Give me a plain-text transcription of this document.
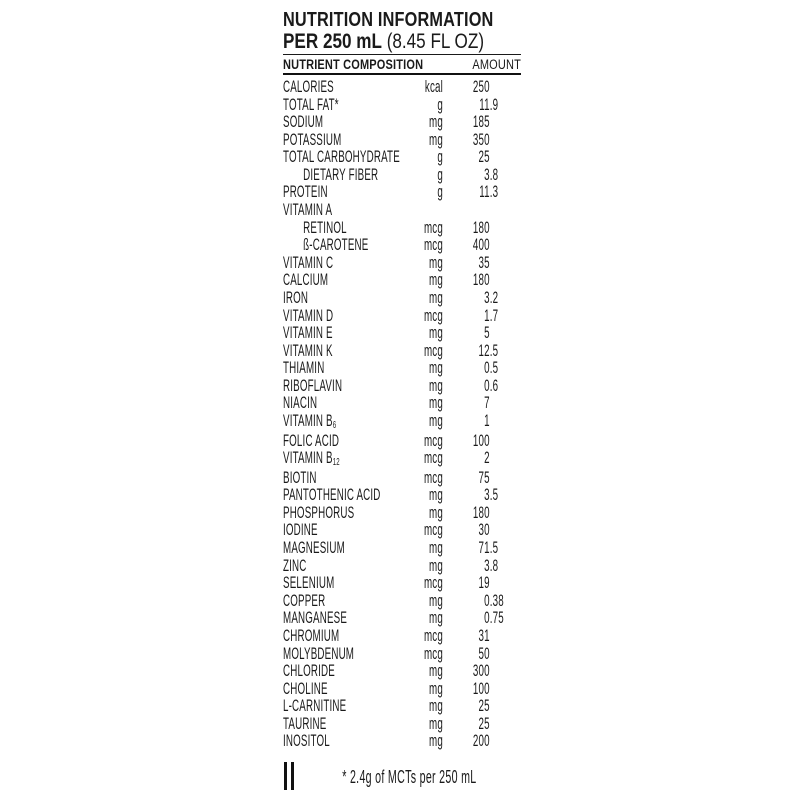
NUTRITION INFORMATION
PER 250 mL (8.45 FL OZ)
NUTRIENT COMPOSITION	AMOUNT
CALORIES	kcal	250
TOTAL FAT*	g	11 .9
SODIUM	mg	185
POTASSIUM	mg	350
TOTAL CARBOHYDRATE	g	25
DIETARY FIBER	g	3 .8
PROTEIN	g	11 .3
VITAMIN A
RETINOL	mcg	180
ß-CAROTENE	mcg	400
VITAMIN C	mg	35
CALCIUM	mg	180
IRON	mg	3 .2
VITAMIN D	mcg	1 .7
VITAMIN E	mg	5
VITAMIN K	mcg	12 .5
THIAMIN	mg	0 .5
RIBOFLAVIN	mg	0 .6
NIACIN	mg	7
VITAMIN $B_6$	mg	1
FOLIC ACID	mcg	100
VITAMIN $B_{12}$	mcg	2
BIOTIN	mcg	75
PANTOTHENIC ACID	mg	3 .5
PHOSPHORUS	mg	180
IODINE	mcg	30
MAGNESIUM	mg	71 .5
ZINC	mg	3 .8
SELENIUM	mcg	19
COPPER	mg	0 .38
MANGANESE	mg	0 .75
CHROMIUM	mcg	31
MOLYBDENUM	mcg	50
CHLORIDE	mg	300
CHOLINE	mg	100
L-CARNITINE	mg	25
TAURINE	mg	25
INOSITOL	mg	200
* 2.4g of MCTs per 250 mL
